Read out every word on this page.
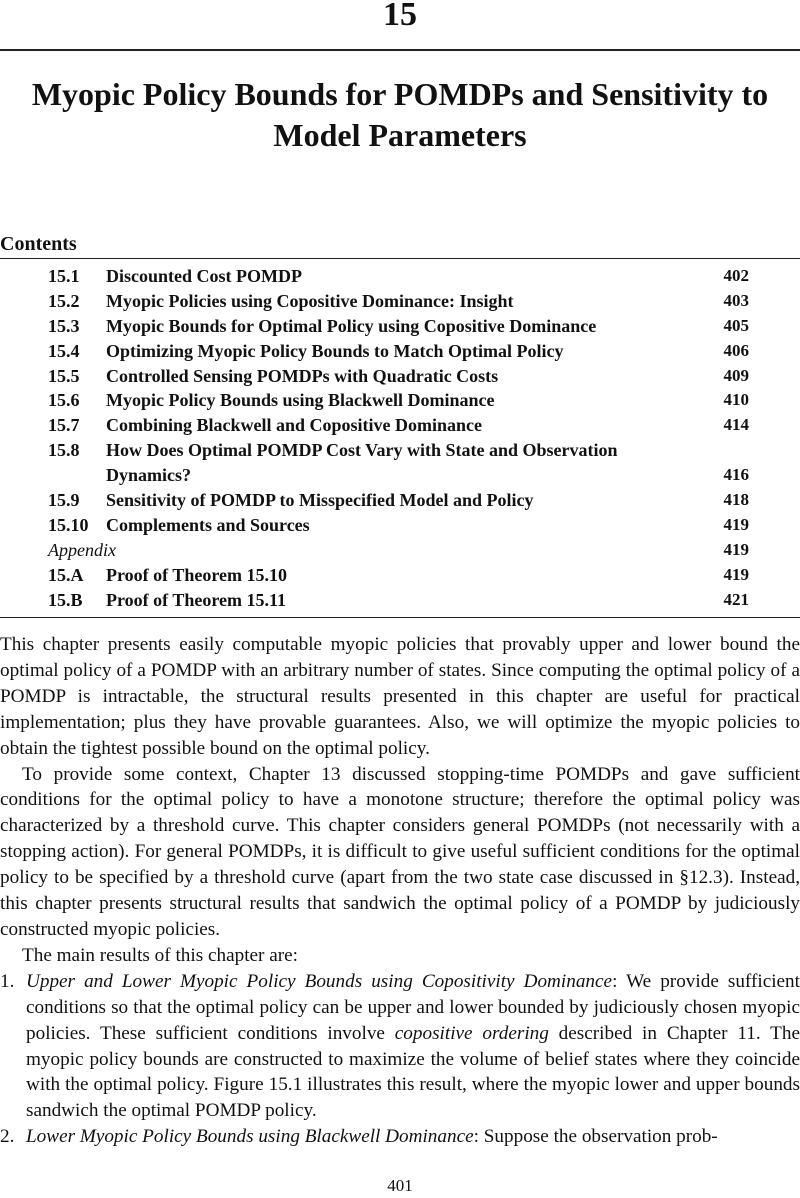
15
Myopic Policy Bounds for POMDPs and Sensitivity to
Model Parameters
Contents
15.1 Discounted Cost POMDP	402
15.2 Myopic Policies using Copositive Dominance: Insight	403
15.3 Myopic Bounds for Optimal Policy using Copositive Dominance	405
15.4 Optimizing Myopic Policy Bounds to Match Optimal Policy	406
15.5 Controlled Sensing POMDPs with Quadratic Costs	409
15.6 Myopic Policy Bounds using Blackwell Dominance	410
15.7 Combining Blackwell and Copositive Dominance	414
15.8 How Does Optimal POMDP Cost Vary with State and Observation
Dynamics?	416
15.9 Sensitivity of POMDP to Misspecified Model and Policy	418
15.10 Complements and Sources	419
Appendix	419
15.A Proof of Theorem 15.10	419
15.B Proof of Theorem 15.11	421

This chapter presents easily computable myopic policies that provably upper and lower bound the optimal policy of a POMDP with an arbitrary number of states. Since computing the optimal policy of a POMDP is intractable, the structural results presented in this chapter are useful for practical implementation; plus they have provable guarantees. Also, we will optimize the myopic policies to obtain the tightest possible bound on the optimal policy.

To provide some context, Chapter 13 discussed stopping-time POMDPs and gave sufficient conditions for the optimal policy to have a monotone structure; therefore the optimal policy was characterized by a threshold curve. This chapter considers general POMDPs (not necessarily with a stopping action). For general POMDPs, it is difficult to give useful sufficient conditions for the optimal policy to be specified by a threshold curve (apart from the two state case discussed in §12.3). Instead, this chapter presents structural results that sandwich the optimal policy of a POMDP by judiciously constructed myopic policies.

The main results of this chapter are:

1. Upper and Lower Myopic Policy Bounds using Copositivity Dominance: We provide sufficient conditions so that the optimal policy can be upper and lower bounded by judiciously chosen myopic policies. These sufficient conditions involve copositive ordering described in Chapter 11. The myopic policy bounds are constructed to maximize the volume of belief states where they coincide with the optimal policy. Figure 15.1 illustrates this result, where the myopic lower and upper bounds sandwich the optimal POMDP policy.
2. Lower Myopic Policy Bounds using Blackwell Dominance: Suppose the observation prob-
401
